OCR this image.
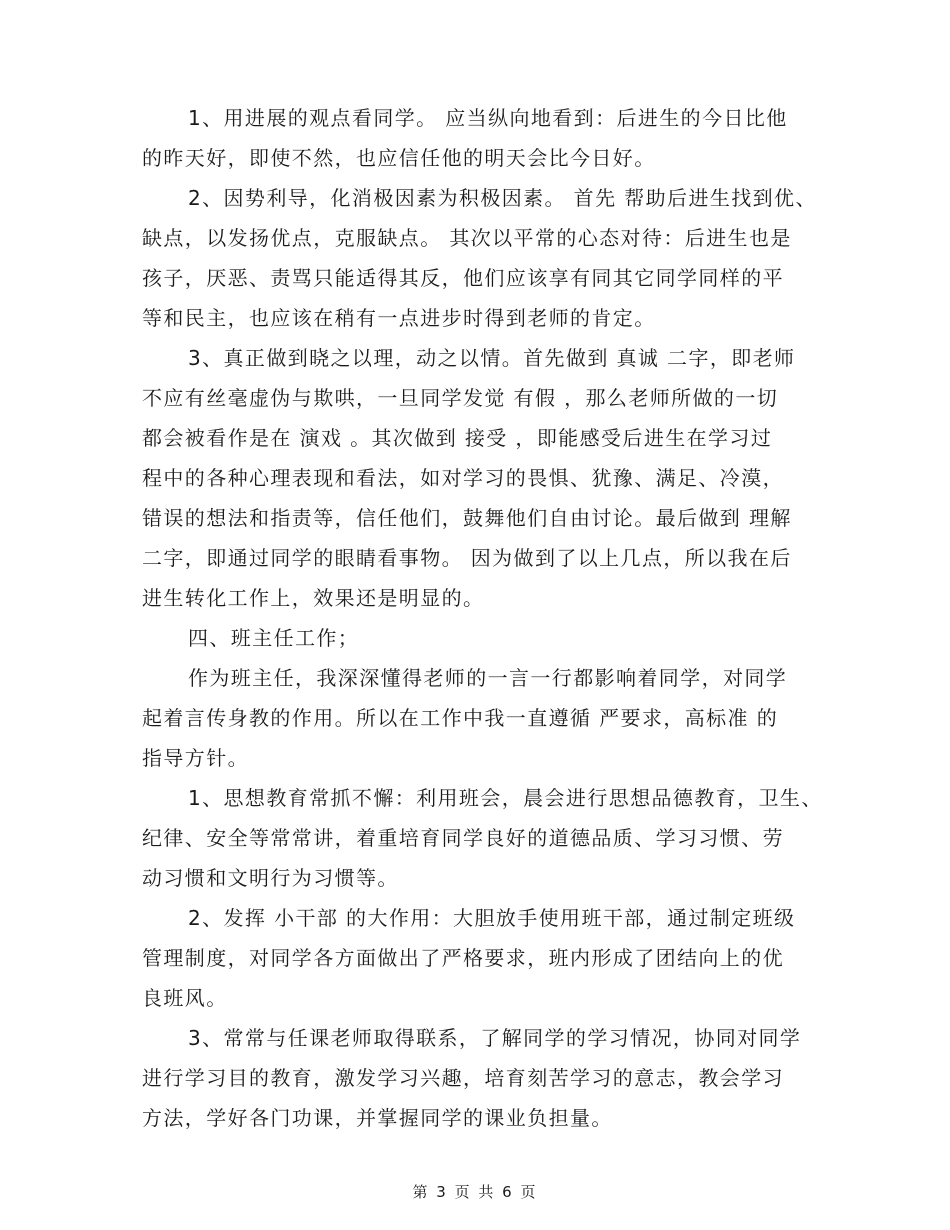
1、用进展的观点看同学。 应当纵向地看到：后进生的今日比他
的昨天好，即使不然，也应信任他的明天会比今日好。
2、因势利导，化消极因素为积极因素。 首先 帮助后进生找到优、
缺点，以发扬优点，克服缺点。 其次以平常的心态对待：后进生也是
孩子，厌恶、责骂只能适得其反，他们应该享有同其它同学同样的平
等和民主，也应该在稍有一点进步时得到老师的肯定。
3、真正做到晓之以理，动之以情。首先做到 真诚 二字，即老师
不应有丝毫虚伪与欺哄，一旦同学发觉 有假 ，那么老师所做的一切
都会被看作是在 演戏 。其次做到 接受 ，即能感受后进生在学习过
程中的各种心理表现和看法，如对学习的畏惧、犹豫、满足、冷漠，
错误的想法和指责等，信任他们，鼓舞他们自由讨论。最后做到 理解
二字，即通过同学的眼睛看事物。 因为做到了以上几点，所以我在后
进生转化工作上，效果还是明显的。
四、班主任工作；
作为班主任，我深深懂得老师的一言一行都影响着同学，对同学
起着言传身教的作用。所以在工作中我一直遵循 严要求，高标准 的
指导方针。
1、思想教育常抓不懈：利用班会，晨会进行思想品德教育，卫生、
纪律、安全等常常讲，着重培育同学良好的道德品质、学习习惯、劳
动习惯和文明行为习惯等。
2、发挥 小干部 的大作用：大胆放手使用班干部，通过制定班级
管理制度，对同学各方面做出了严格要求，班内形成了团结向上的优
良班风。
3、常常与任课老师取得联系，了解同学的学习情况，协同对同学
进行学习目的教育，激发学习兴趣，培育刻苦学习的意志，教会学习
方法，学好各门功课，并掌握同学的课业负担量。
第 3 页 共 6 页
